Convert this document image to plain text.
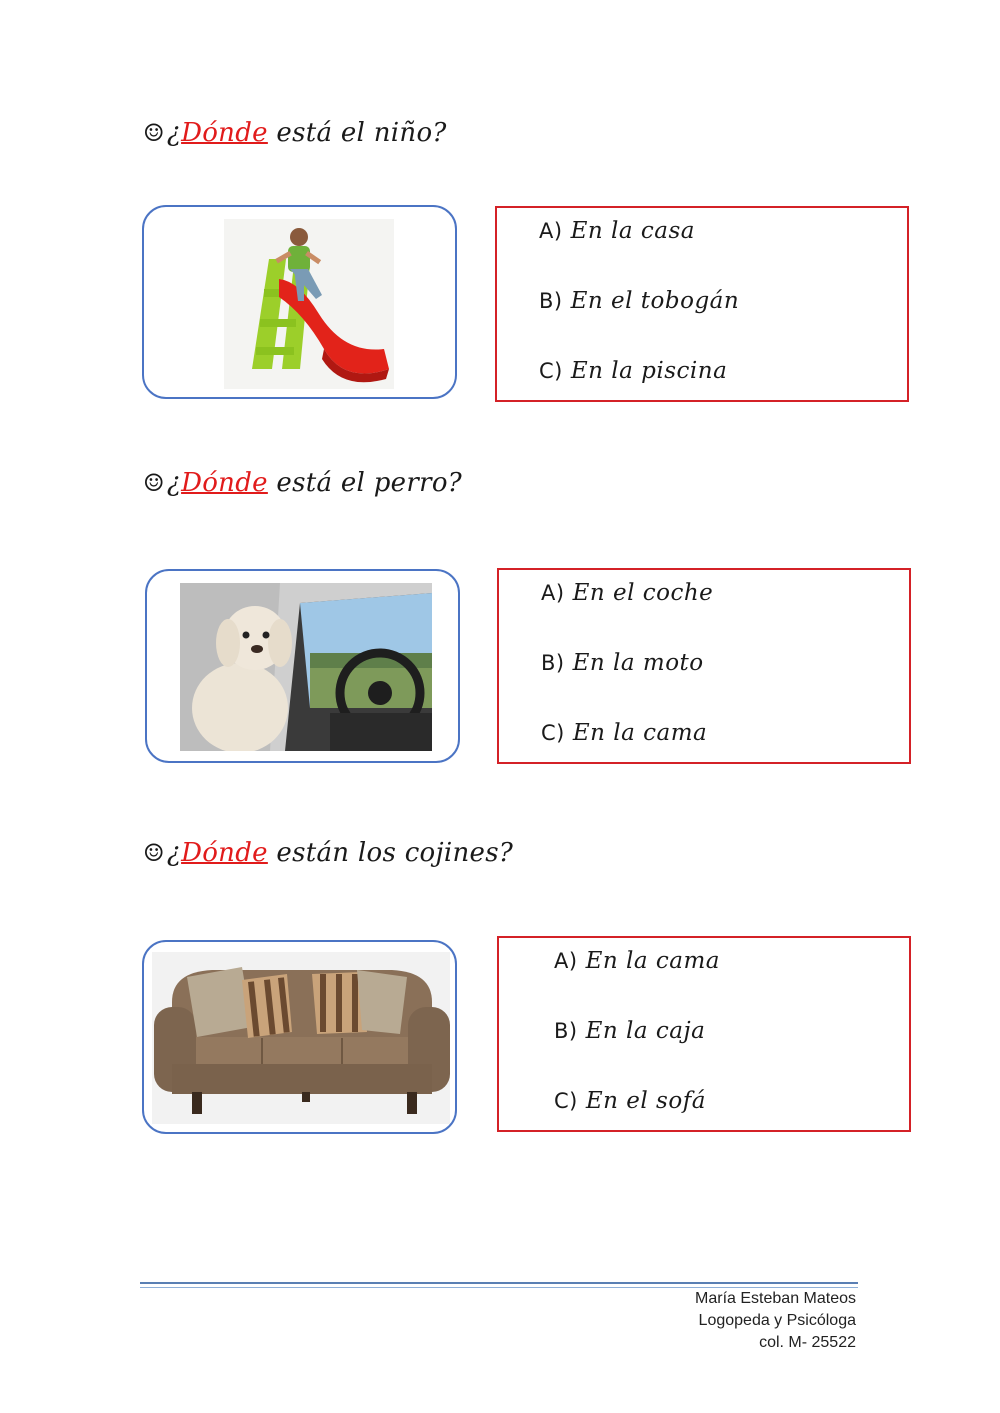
☺¿Dónde está el niño?
A) En la casa
B) En el tobogán
C) En la piscina
☺¿Dónde está el perro?
A) En el coche
B) En la moto
C) En la cama
☺¿Dónde están los cojines?
A) En la cama
B) En la caja
C) En el sofá
María Esteban Mateos
Logopeda y Psicóloga
col. M- 25522
